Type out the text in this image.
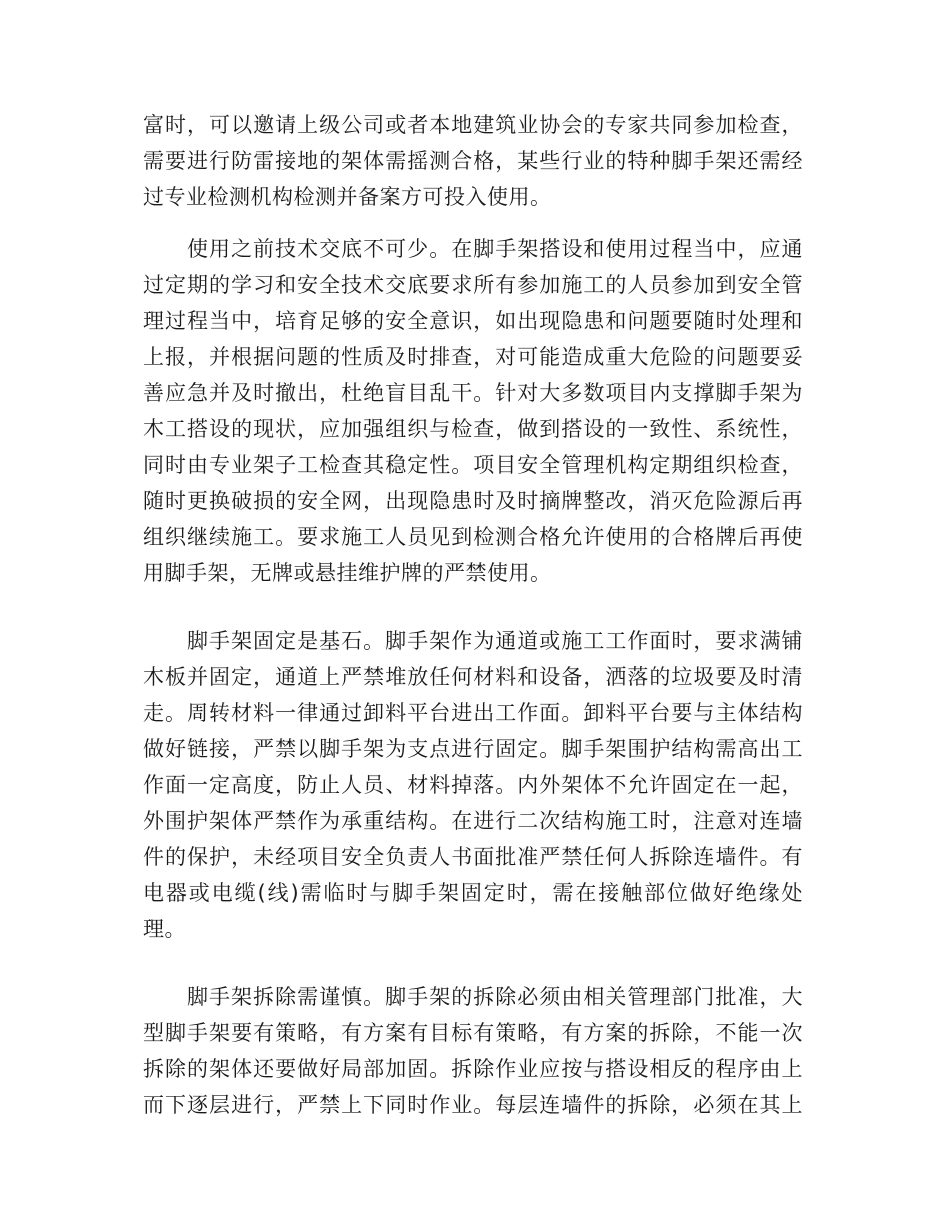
富时，可以邀请上级公司或者本地建筑业协会的专家共同参加检查，
需要进行防雷接地的架体需摇测合格，某些行业的特种脚手架还需经
过专业检测机构检测并备案方可投入使用。
使用之前技术交底不可少。在脚手架搭设和使用过程当中，应通
过定期的学习和安全技术交底要求所有参加施工的人员参加到安全管
理过程当中，培育足够的安全意识，如出现隐患和问题要随时处理和
上报，并根据问题的性质及时排查，对可能造成重大危险的问题要妥
善应急并及时撤出，杜绝盲目乱干。针对大多数项目内支撑脚手架为
木工搭设的现状，应加强组织与检查，做到搭设的一致性、系统性，
同时由专业架子工检查其稳定性。项目安全管理机构定期组织检查，
随时更换破损的安全网，出现隐患时及时摘牌整改，消灭危险源后再
组织继续施工。要求施工人员见到检测合格允许使用的合格牌后再使
用脚手架，无牌或悬挂维护牌的严禁使用。
脚手架固定是基石。脚手架作为通道或施工工作面时，要求满铺
木板并固定，通道上严禁堆放任何材料和设备，洒落的垃圾要及时清
走。周转材料一律通过卸料平台进出工作面。卸料平台要与主体结构
做好链接，严禁以脚手架为支点进行固定。脚手架围护结构需高出工
作面一定高度，防止人员、材料掉落。内外架体不允许固定在一起，
外围护架体严禁作为承重结构。在进行二次结构施工时，注意对连墙
件的保护，未经项目安全负责人书面批准严禁任何人拆除连墙件。有
电器或电缆(线)需临时与脚手架固定时，需在接触部位做好绝缘处
理。
脚手架拆除需谨慎。脚手架的拆除必须由相关管理部门批准，大
型脚手架要有策略，有方案有目标有策略，有方案的拆除，不能一次
拆除的架体还要做好局部加固。拆除作业应按与搭设相反的程序由上
而下逐层进行，严禁上下同时作业。每层连墙件的拆除，必须在其上
